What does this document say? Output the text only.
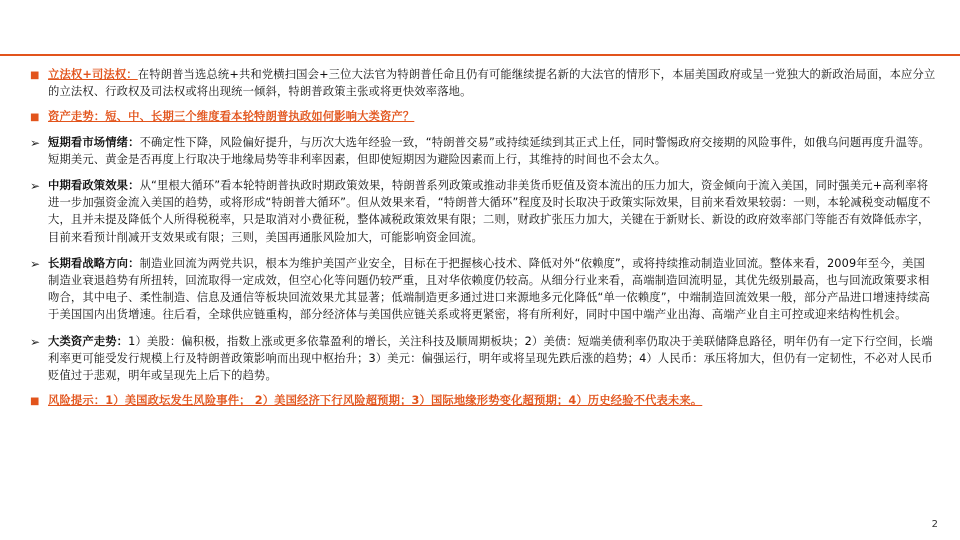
■ 立法权+司法权：在特朗普当选总统+共和党横扫国会+三位大法官为特朗普任命且仍有可能继续提名新的大法官的情形下，本届美国政府或呈一党独大的新政治局面，本应分立的立法权、行政权及司法权或将出现统一倾斜，特朗普政策主张或将更快效率落地。

■ 资产走势：短、中、长期三个维度看本轮特朗普执政如何影响大类资产？

➢ 短期看市场情绪：不确定性下降，风险偏好提升，与历次大选年经验一致，“特朗普交易”或持续延续到其正式上任，同时警惕政府交接期的风险事件，如俄乌问题再度升温等。短期美元、黄金是否再度上行取决于地缘局势等非利率因素，但即使短期因为避险因素而上行，其维持的时间也不会太久。

➢ 中期看政策效果：从“里根大循环”看本轮特朗普执政时期政策效果，特朗普系列政策或推动非美货币贬值及资本流出的压力加大，资金倾向于流入美国，同时强美元+高利率将进一步加强资金流入美国的趋势，或将形成“特朗普大循环”。但从效果来看，“特朗普大循环”程度及时长取决于政策实际效果，目前来看效果较弱：一则，本轮减税变动幅度不大，且并未提及降低个人所得税税率，只是取消对小费征税，整体减税政策效果有限；二则，财政扩张压力加大，关键在于新财长、新设的政府效率部门等能否有效降低赤字，目前来看预计削减开支效果或有限；三则，美国再通胀风险加大，可能影响资金回流。

➢ 长期看战略方向：制造业回流为两党共识，根本为维护美国产业安全，目标在于把握核心技术、降低对外“依赖度”，或将持续推动制造业回流。整体来看，2009年至今，美国制造业衰退趋势有所扭转，回流取得一定成效，但空心化等问题仍较严重，且对华依赖度仍较高。从细分行业来看，高端制造回流明显，其优先级别最高，也与回流政策要求相吻合，其中电子、柔性制造、信息及通信等板块回流效果尤其显著；低端制造更多通过进口来源地多元化降低“单一依赖度”，中端制造回流效果一般，部分产品进口增速持续高于美国国内出货增速。往后看，全球供应链重构，部分经济体与美国供应链关系或将更紧密，将有所利好，同时中国中端产业出海、高端产业自主可控或迎来结构性机会。

➢ 大类资产走势：1）美股：偏积极，指数上涨或更多依靠盈利的增长，关注科技及顺周期板块；2）美债：短端美债利率仍取决于美联储降息路径，明年仍有一定下行空间，长端利率更可能受发行规模上行及特朗普政策影响而出现中枢抬升；3）美元：偏强运行，明年或将呈现先跌后涨的趋势；4）人民币：承压将加大，但仍有一定韧性，不必对人民币贬值过于悲观，明年或呈现先上后下的趋势。

■ 风险提示：1）美国政坛发生风险事件； 2）美国经济下行风险超预期；3）国际地缘形势变化超预期；4）历史经验不代表未来。

2
